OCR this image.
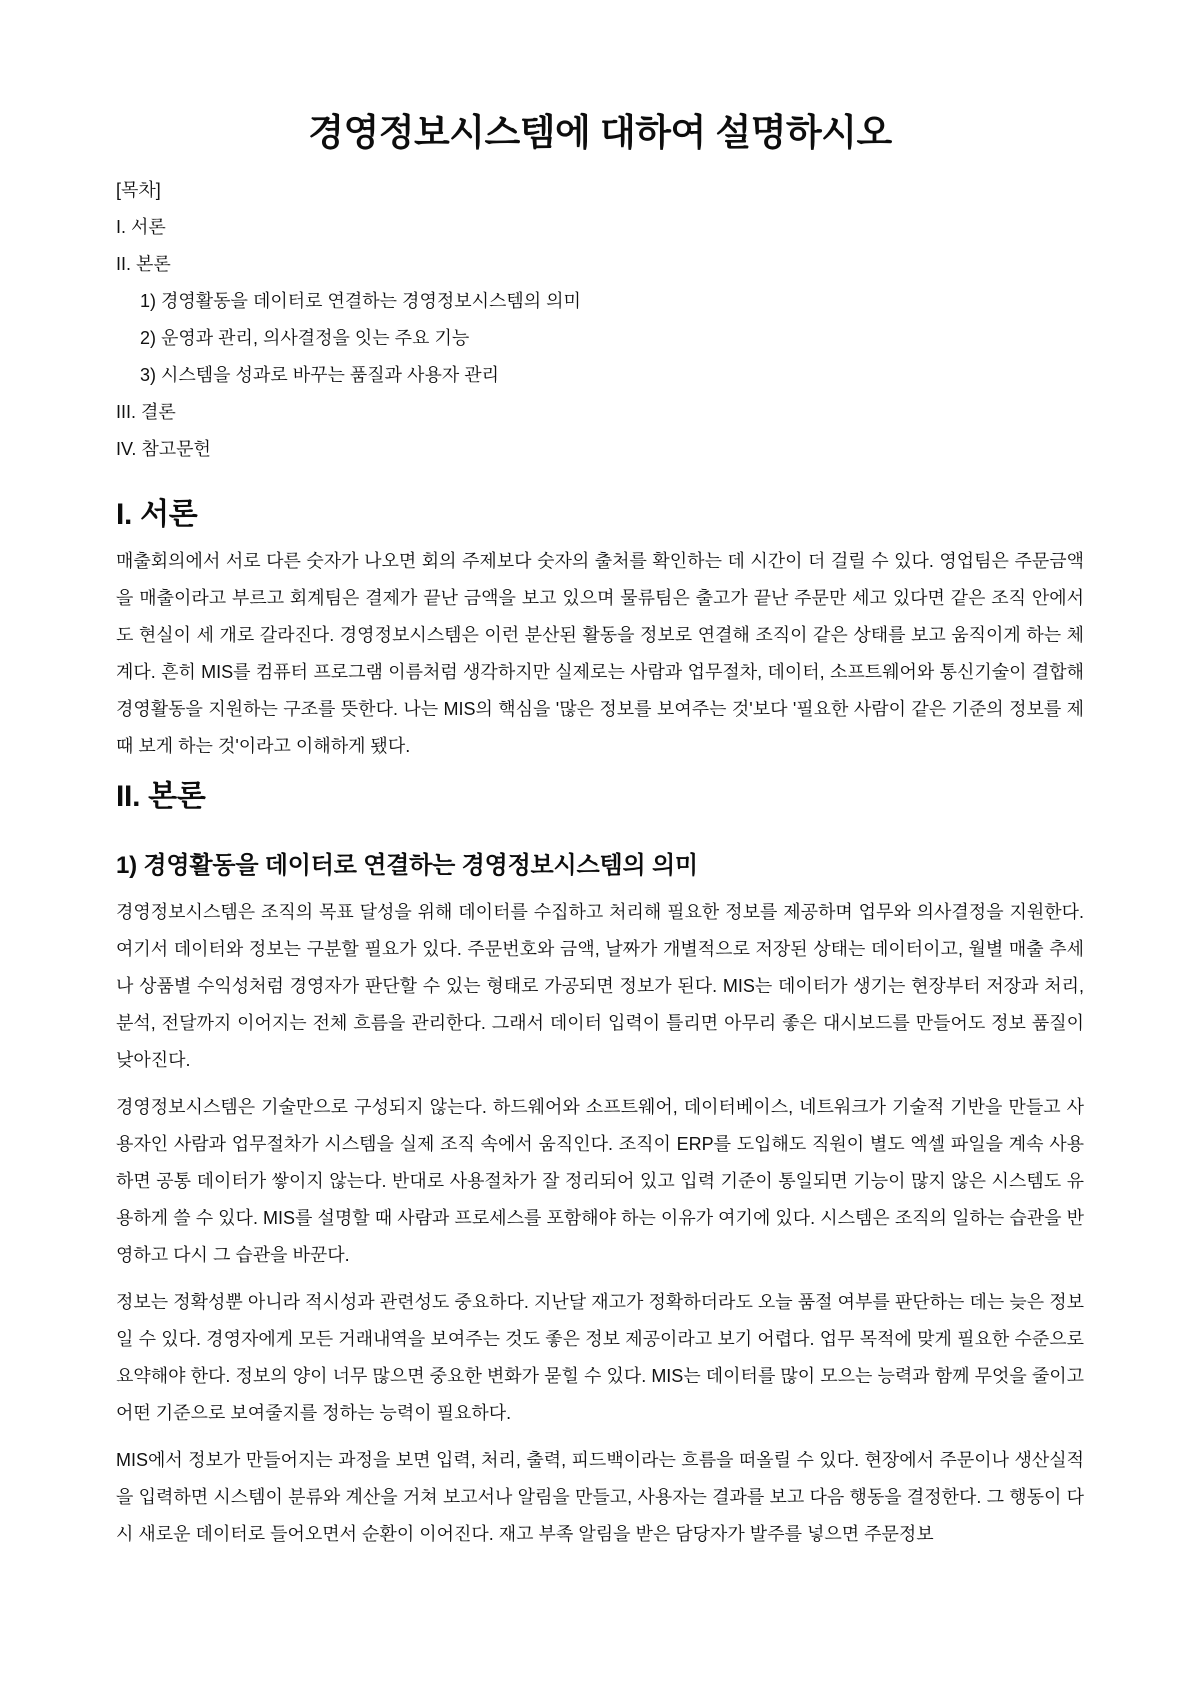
경영정보시스템에 대하여 설명하시오
[목차]
I. 서론
II. 본론
1) 경영활동을 데이터로 연결하는 경영정보시스템의 의미
2) 운영과 관리, 의사결정을 잇는 주요 기능
3) 시스템을 성과로 바꾸는 품질과 사용자 관리
III. 결론
IV. 참고문헌
I. 서론

매출회의에서 서로 다른 숫자가 나오면 회의 주제보다 숫자의 출처를 확인하는 데 시간이 더 걸릴 수 있다. 영업팀은 주문금액을 매출이라고 부르고 회계팀은 결제가 끝난 금액을 보고 있으며 물류팀은 출고가 끝난 주문만 세고 있다면 같은 조직 안에서도 현실이 세 개로 갈라진다. 경영정보시스템은 이런 분산된 활동을 정보로 연결해 조직이 같은 상태를 보고 움직이게 하는 체계다. 흔히 MIS를 컴퓨터 프로그램 이름처럼 생각하지만 실제로는 사람과 업무절차, 데이터, 소프트웨어와 통신기술이 결합해 경영활동을 지원하는 구조를 뜻한다. 나는 MIS의 핵심을 '많은 정보를 보여주는 것'보다 '필요한 사람이 같은 기준의 정보를 제때 보게 하는 것'이라고 이해하게 됐다.

II. 본론
1) 경영활동을 데이터로 연결하는 경영정보시스템의 의미

경영정보시스템은 조직의 목표 달성을 위해 데이터를 수집하고 처리해 필요한 정보를 제공하며 업무와 의사결정을 지원한다. 여기서 데이터와 정보는 구분할 필요가 있다. 주문번호와 금액, 날짜가 개별적으로 저장된 상태는 데이터이고, 월별 매출 추세나 상품별 수익성처럼 경영자가 판단할 수 있는 형태로 가공되면 정보가 된다. MIS는 데이터가 생기는 현장부터 저장과 처리, 분석, 전달까지 이어지는 전체 흐름을 관리한다. 그래서 데이터 입력이 틀리면 아무리 좋은 대시보드를 만들어도 정보 품질이 낮아진다.

경영정보시스템은 기술만으로 구성되지 않는다. 하드웨어와 소프트웨어, 데이터베이스, 네트워크가 기술적 기반을 만들고 사용자인 사람과 업무절차가 시스템을 실제 조직 속에서 움직인다. 조직이 ERP를 도입해도 직원이 별도 엑셀 파일을 계속 사용하면 공통 데이터가 쌓이지 않는다. 반대로 사용절차가 잘 정리되어 있고 입력 기준이 통일되면 기능이 많지 않은 시스템도 유용하게 쓸 수 있다. MIS를 설명할 때 사람과 프로세스를 포함해야 하는 이유가 여기에 있다. 시스템은 조직의 일하는 습관을 반영하고 다시 그 습관을 바꾼다.

정보는 정확성뿐 아니라 적시성과 관련성도 중요하다. 지난달 재고가 정확하더라도 오늘 품절 여부를 판단하는 데는 늦은 정보일 수 있다. 경영자에게 모든 거래내역을 보여주는 것도 좋은 정보 제공이라고 보기 어렵다. 업무 목적에 맞게 필요한 수준으로 요약해야 한다. 정보의 양이 너무 많으면 중요한 변화가 묻힐 수 있다. MIS는 데이터를 많이 모으는 능력과 함께 무엇을 줄이고 어떤 기준으로 보여줄지를 정하는 능력이 필요하다.

MIS에서 정보가 만들어지는 과정을 보면 입력, 처리, 출력, 피드백이라는 흐름을 떠올릴 수 있다. 현장에서 주문이나 생산실적을 입력하면 시스템이 분류와 계산을 거쳐 보고서나 알림을 만들고, 사용자는 결과를 보고 다음 행동을 결정한다. 그 행동이 다시 새로운 데이터로 들어오면서 순환이 이어진다. 재고 부족 알림을 받은 담당자가 발주를 넣으면 주문정보
